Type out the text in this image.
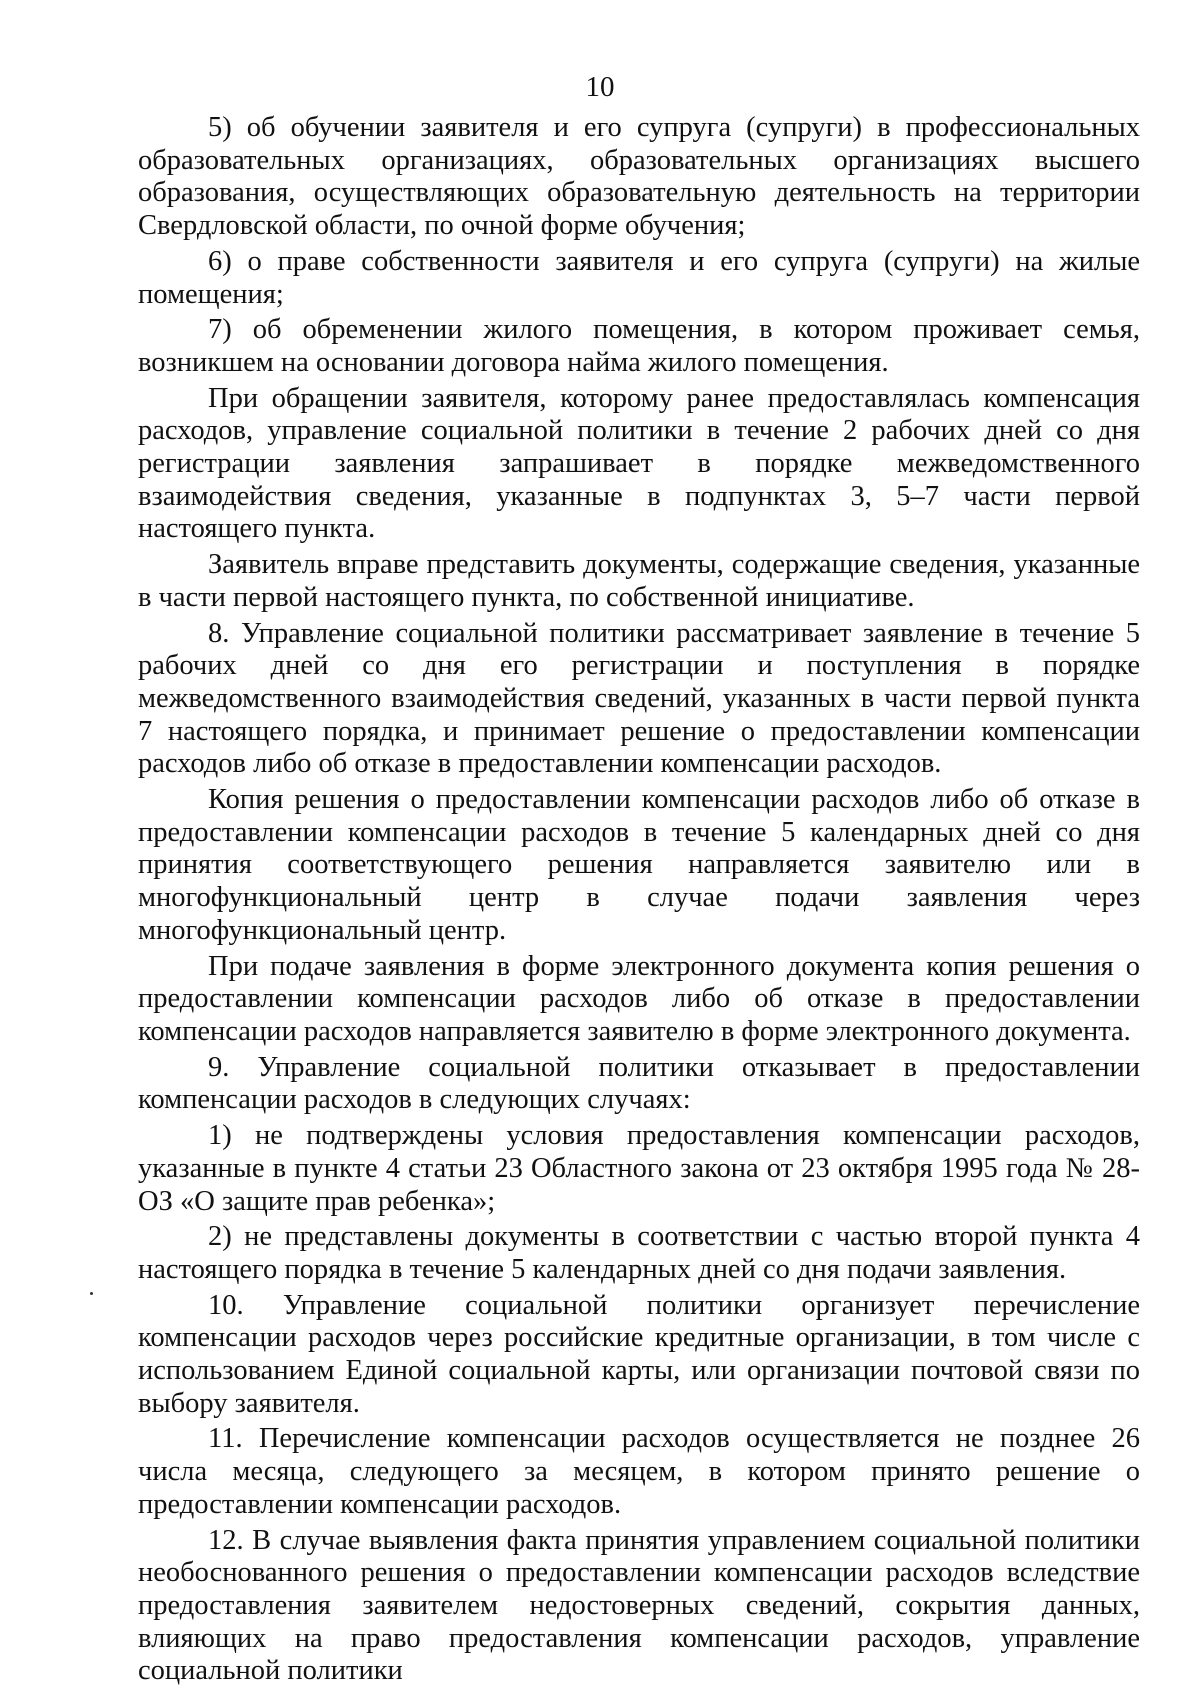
10

5) об обучении заявителя и его супруга (супруги) в профессиональных образовательных организациях, образовательных организациях высшего образования, осуществляющих образовательную деятельность на территории Свердловской области, по очной форме обучения;

6) о праве собственности заявителя и его супруга (супруги) на жилые помещения;

7) об обременении жилого помещения, в котором проживает семья, возникшем на основании договора найма жилого помещения.

При обращении заявителя, которому ранее предоставлялась компенсация расходов, управление социальной политики в течение 2 рабочих дней со дня регистрации заявления запрашивает в порядке межведомственного взаимодействия сведения, указанные в подпунктах 3, 5–7 части первой настоящего пункта.

Заявитель вправе представить документы, содержащие сведения, указанные в части первой настоящего пункта, по собственной инициативе.

8. Управление социальной политики рассматривает заявление в течение 5 рабочих дней со дня его регистрации и поступления в порядке межведомственного взаимодействия сведений, указанных в части первой пункта 7 настоящего порядка, и принимает решение о предоставлении компенсации расходов либо об отказе в предоставлении компенсации расходов.

Копия решения о предоставлении компенсации расходов либо об отказе в предоставлении компенсации расходов в течение 5 календарных дней со дня принятия соответствующего решения направляется заявителю или в многофункциональный центр в случае подачи заявления через многофункциональный центр.

При подаче заявления в форме электронного документа копия решения о предоставлении компенсации расходов либо об отказе в предоставлении компенсации расходов направляется заявителю в форме электронного документа.

9. Управление социальной политики отказывает в предоставлении компенсации расходов в следующих случаях:

1) не подтверждены условия предоставления компенсации расходов, указанные в пункте 4 статьи 23 Областного закона от 23 октября 1995 года № 28-ОЗ «О защите прав ребенка»;

2) не представлены документы в соответствии с частью второй пункта 4 настоящего порядка в течение 5 календарных дней со дня подачи заявления.

10. Управление социальной политики организует перечисление компенсации расходов через российские кредитные организации, в том числе с использованием Единой социальной карты, или организации почтовой связи по выбору заявителя.

11. Перечисление компенсации расходов осуществляется не позднее 26 числа месяца, следующего за месяцем, в котором принято решение о предоставлении компенсации расходов.

12. В случае выявления факта принятия управлением социальной политики необоснованного решения о предоставлении компенсации расходов вследствие предоставления заявителем недостоверных сведений, сокрытия данных, влияющих на право предоставления компенсации расходов, управление социальной политики
